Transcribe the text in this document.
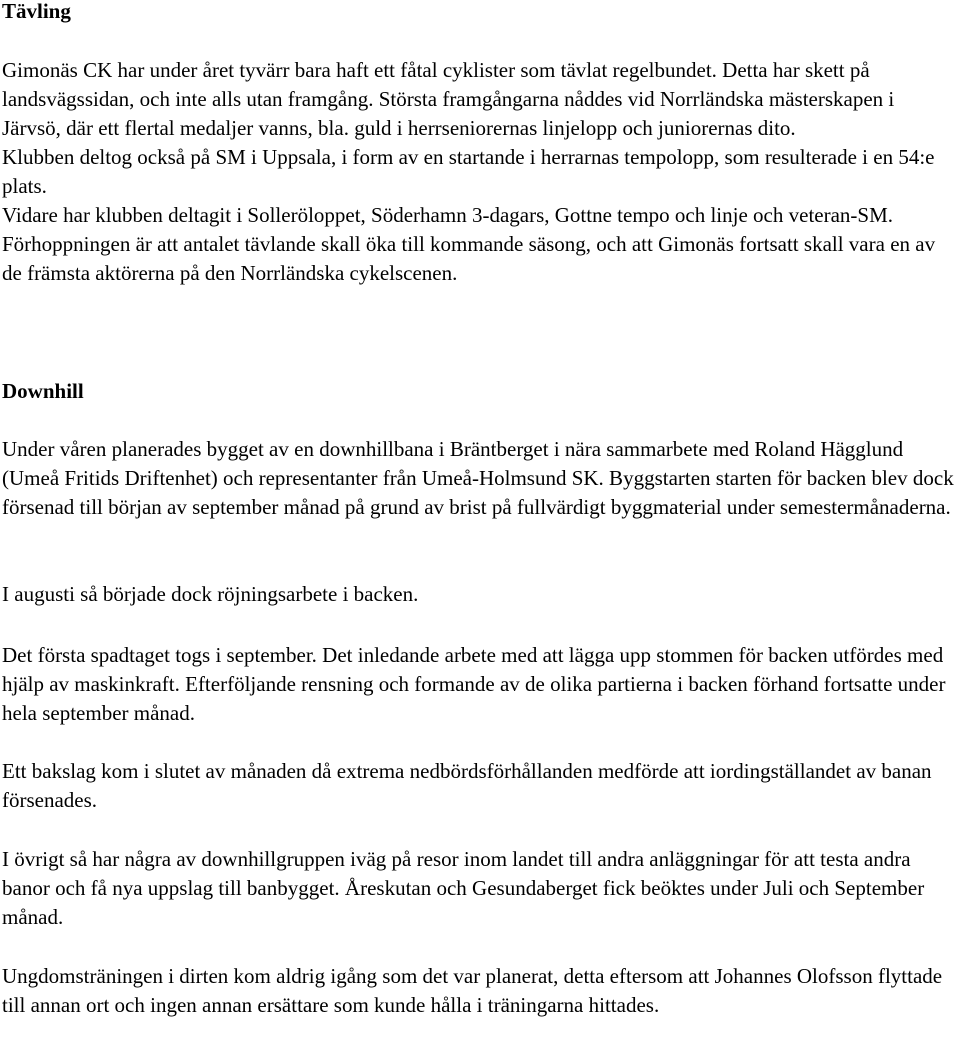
Tävling

Gimonäs CK har under året tyvärr bara haft ett fåtal cyklister som tävlat regelbundet. Detta har skett på landsvägssidan, och inte alls utan framgång. Största framgångarna nåddes vid Norrländska mästerskapen i Järvsö, där ett flertal medaljer vanns, bla. guld i herrseniorernas linjelopp och juniorernas dito.

Klubben deltog också på SM i Uppsala, i form av en startande i herrarnas tempolopp, som resulterade i en 54:e plats.

Vidare har klubben deltagit i Solleröloppet, Söderhamn 3-dagars, Gottne tempo och linje och veteran-SM. Förhoppningen är att antalet tävlande skall öka till kommande säsong, och att Gimonäs fortsatt skall vara en av de främsta aktörerna på den Norrländska cykelscenen.

Downhill

Under våren planerades bygget av en downhillbana i Bräntberget i nära sammarbete med Roland Hägglund (Umeå Fritids Driftenhet) och representanter från Umeå-Holmsund SK. Byggstarten starten för backen blev dock försenad till början av september månad på grund av brist på fullvärdigt byggmaterial under semestermånaderna.

I augusti så började dock röjningsarbete i backen.

Det första spadtaget togs i september. Det inledande arbete med att lägga upp stommen för backen utfördes med hjälp av maskinkraft. Efterföljande rensning och formande av de olika partierna i backen förhand fortsatte under hela september månad.

Ett bakslag kom i slutet av månaden då extrema nedbördsförhållanden medförde att iordingställandet av banan försenades.

I övrigt så har några av downhillgruppen iväg på resor inom landet till andra anläggningar för att testa andra banor och få nya uppslag till banbygget. Åreskutan och Gesundaberget fick beöktes under Juli och September månad.

Ungdomsträningen i dirten kom aldrig igång som det var planerat, detta eftersom att Johannes Olofsson flyttade till annan ort och ingen annan ersättare som kunde hålla i träningarna hittades.
